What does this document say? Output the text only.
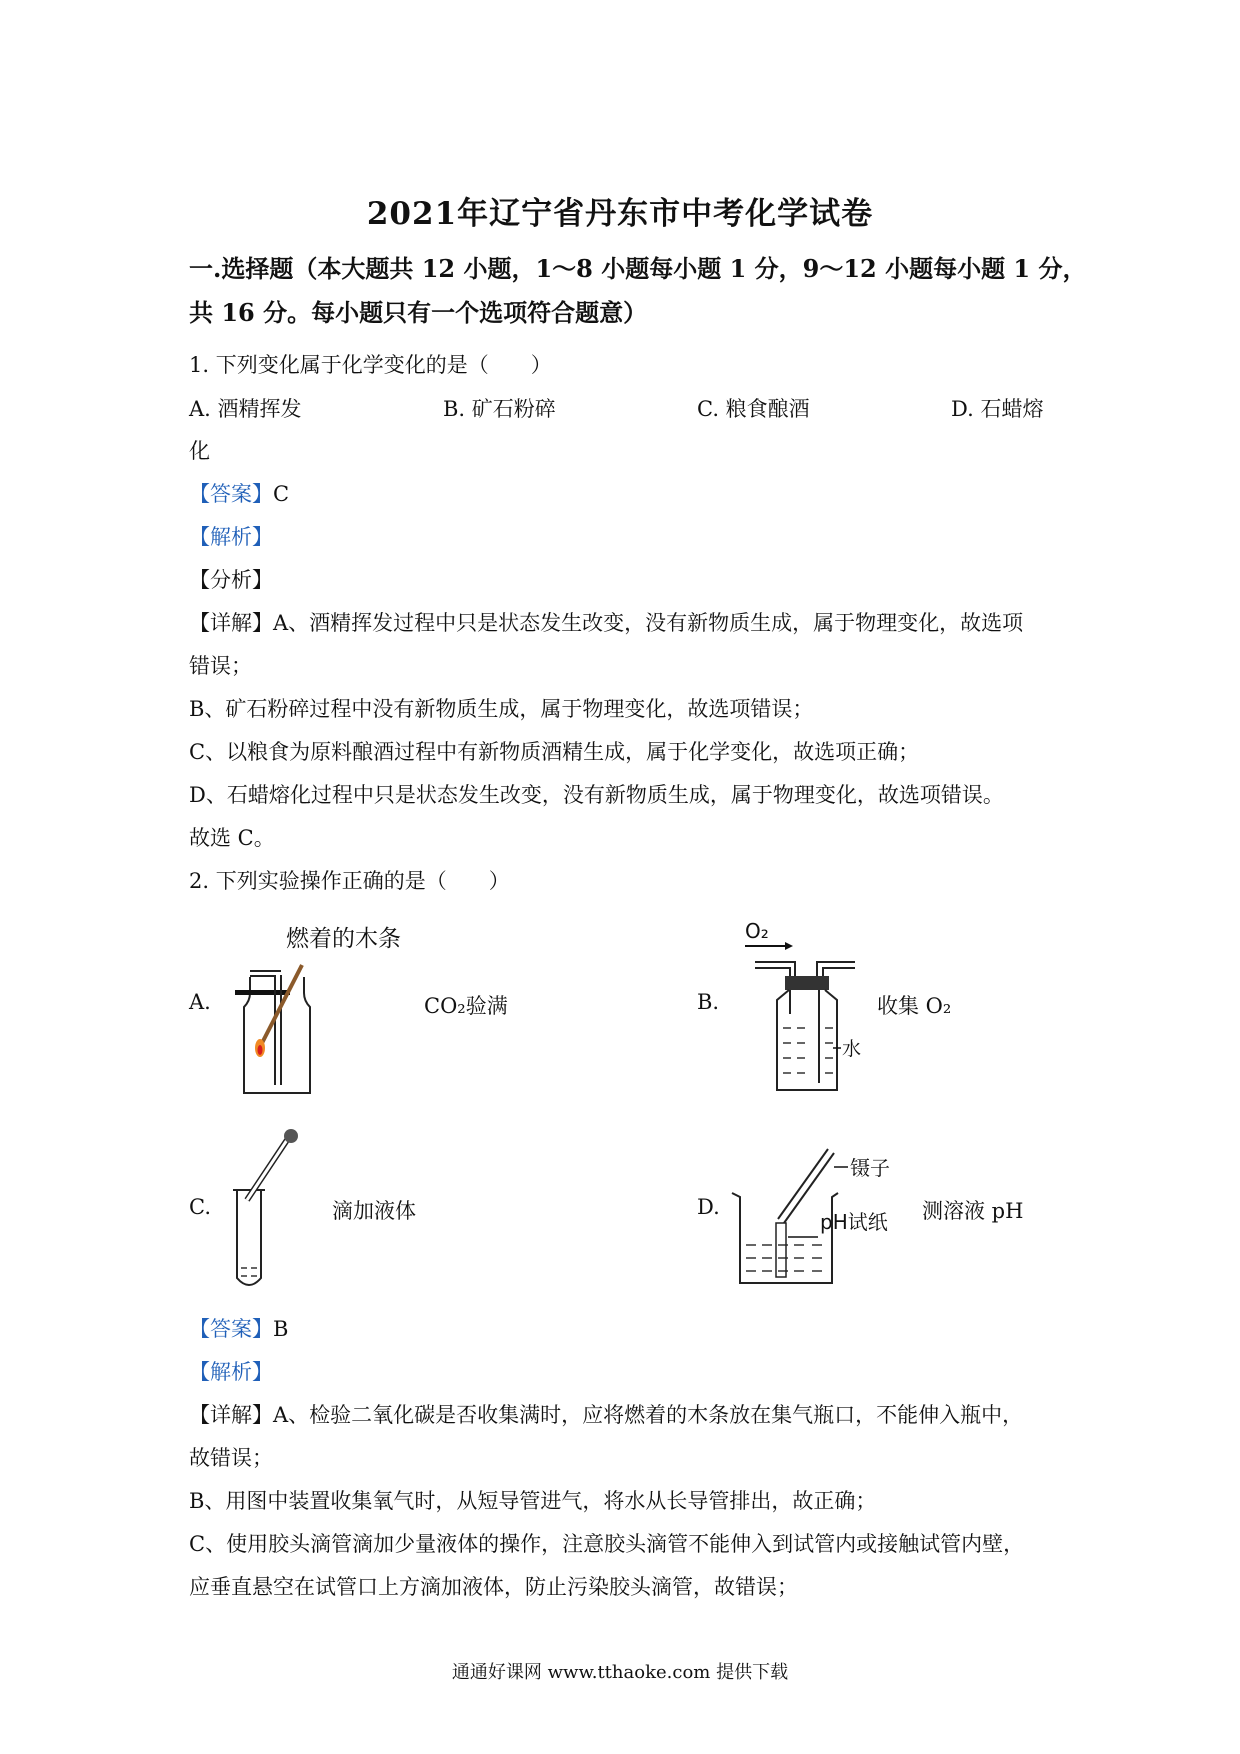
2021年辽宁省丹东市中考化学试卷
一.选择题（本大题共 12 小题，1～8 小题每小题 1 分，9～12 小题每小题 1 分，
共 16 分。每小题只有一个选项符合题意）
1. 下列变化属于化学变化的是（　　）
A. 酒精挥发	B. 矿石粉碎	C. 粮食酿酒	D. 石蜡熔
化
【答案】C
【解析】
【分析】
【详解】A、酒精挥发过程中只是状态发生改变，没有新物质生成，属于物理变化，故选项
错误；
B、矿石粉碎过程中没有新物质生成，属于物理变化，故选项错误；
C、以粮食为原料酿酒过程中有新物质酒精生成，属于化学变化，故选项正确；
D、石蜡熔化过程中只是状态发生改变，没有新物质生成，属于物理变化，故选项错误。
故选 C。
2. 下列实验操作正确的是（　　）
A.
燃着的木条
CO₂验满	B.
O₂
水
收集 O₂
C.	滴加液体	D.
镊子
pH试纸 测溶液 pH
【答案】B
【解析】
【详解】A、检验二氧化碳是否收集满时，应将燃着的木条放在集气瓶口，不能伸入瓶中，
故错误；
B、用图中装置收集氧气时，从短导管进气，将水从长导管排出，故正确；
C、使用胶头滴管滴加少量液体的操作，注意胶头滴管不能伸入到试管内或接触试管内壁，
应垂直悬空在试管口上方滴加液体，防止污染胶头滴管，故错误；
通通好课网 www.tthaoke.com 提供下载
